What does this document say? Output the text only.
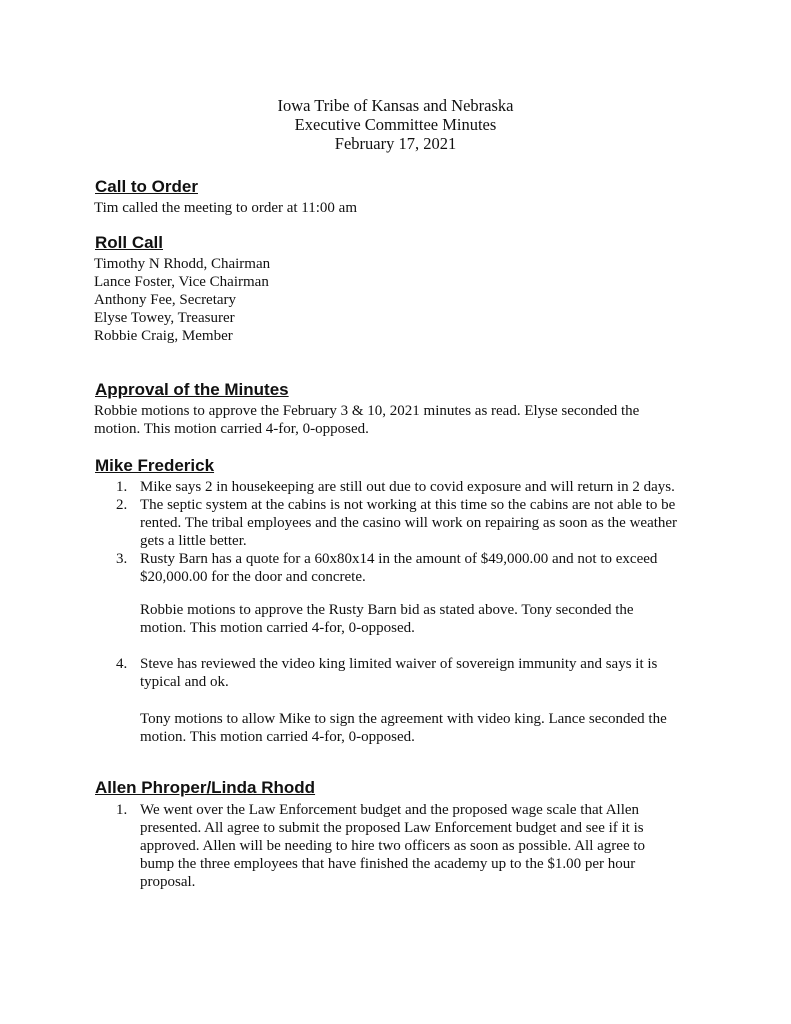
Iowa Tribe of Kansas and Nebraska
Executive Committee Minutes
February 17, 2021
Call to Order
Tim called the meeting to order at 11:00 am
Roll Call
Timothy N Rhodd, Chairman
Lance Foster, Vice Chairman
Anthony Fee, Secretary
Elyse Towey, Treasurer
Robbie Craig, Member
Approval of the Minutes
Robbie motions to approve the February 3 & 10, 2021 minutes as read. Elyse seconded the
motion. This motion carried 4-for, 0-opposed.
Mike Frederick
1. Mike says 2 in housekeeping are still out due to covid exposure and will return in 2 days.
2. The septic system at the cabins is not working at this time so the cabins are not able to be
rented. The tribal employees and the casino will work on repairing as soon as the weather
gets a little better.
3. Rusty Barn has a quote for a 60x80x14 in the amount of $49,000.00 and not to exceed
$20,000.00 for the door and concrete.
Robbie motions to approve the Rusty Barn bid as stated above. Tony seconded the
motion. This motion carried 4-for, 0-opposed.
4. Steve has reviewed the video king limited waiver of sovereign immunity and says it is
typical and ok.
Tony motions to allow Mike to sign the agreement with video king. Lance seconded the
motion. This motion carried 4-for, 0-opposed.
Allen Phroper/Linda Rhodd
1. We went over the Law Enforcement budget and the proposed wage scale that Allen
presented. All agree to submit the proposed Law Enforcement budget and see if it is
approved. Allen will be needing to hire two officers as soon as possible. All agree to
bump the three employees that have finished the academy up to the $1.00 per hour
proposal.
